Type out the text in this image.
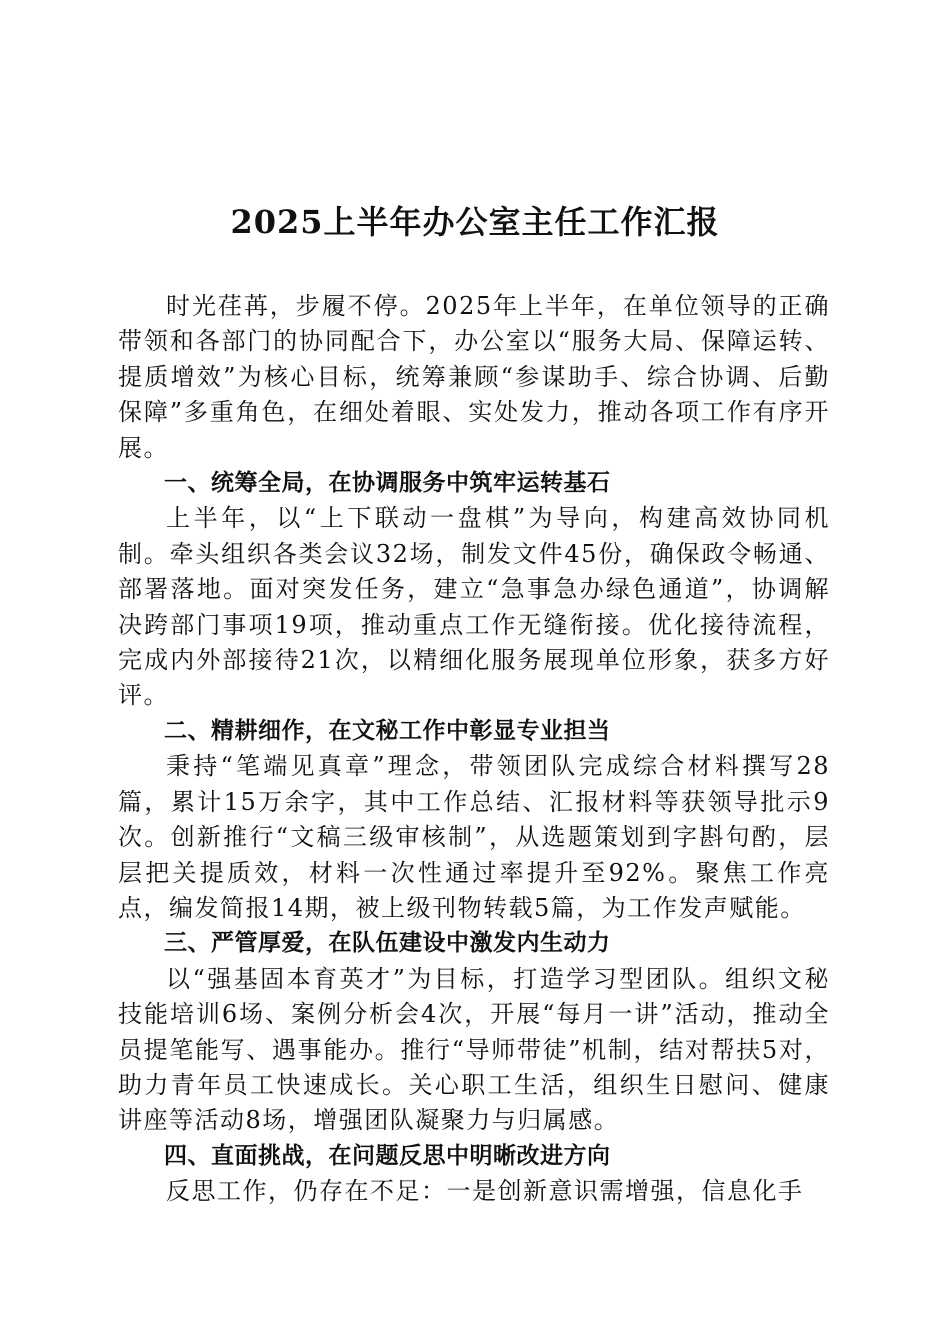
2025上半年办公室主任工作汇报

时光荏苒，步履不停。2025年上半年，在单位领导的正确带领和各部门的协同配合下，办公室以“服务大局、保障运转、提质增效”为核心目标，统筹兼顾“参谋助手、综合协调、后勤保障”多重角色，在细处着眼、实处发力，推动各项工作有序开展。

一、统筹全局，在协调服务中筑牢运转基石

上半年，以“上下联动一盘棋”为导向，构建高效协同机制。牵头组织各类会议32场，制发文件45份，确保政令畅通、部署落地。面对突发任务，建立“急事急办绿色通道”，协调解决跨部门事项19项，推动重点工作无缝衔接。优化接待流程，完成内外部接待21次，以精细化服务展现单位形象，获多方好评。

二、精耕细作，在文秘工作中彰显专业担当

秉持“笔端见真章”理念，带领团队完成综合材料撰写28篇，累计15万余字，其中工作总结、汇报材料等获领导批示9次。创新推行“文稿三级审核制”，从选题策划到字斟句酌，层层把关提质效，材料一次性通过率提升至92%。聚焦工作亮点，编发简报14期，被上级刊物转载5篇，为工作发声赋能。

三、严管厚爱，在队伍建设中激发内生动力

以“强基固本育英才”为目标，打造学习型团队。组织文秘技能培训6场、案例分析会4次，开展“每月一讲”活动，推动全员提笔能写、遇事能办。推行“导师带徒”机制，结对帮扶5对，助力青年员工快速成长。关心职工生活，组织生日慰问、健康讲座等活动8场，增强团队凝聚力与归属感。

四、直面挑战，在问题反思中明晰改进方向

反思工作，仍存在不足：一是创新意识需增强，信息化手
